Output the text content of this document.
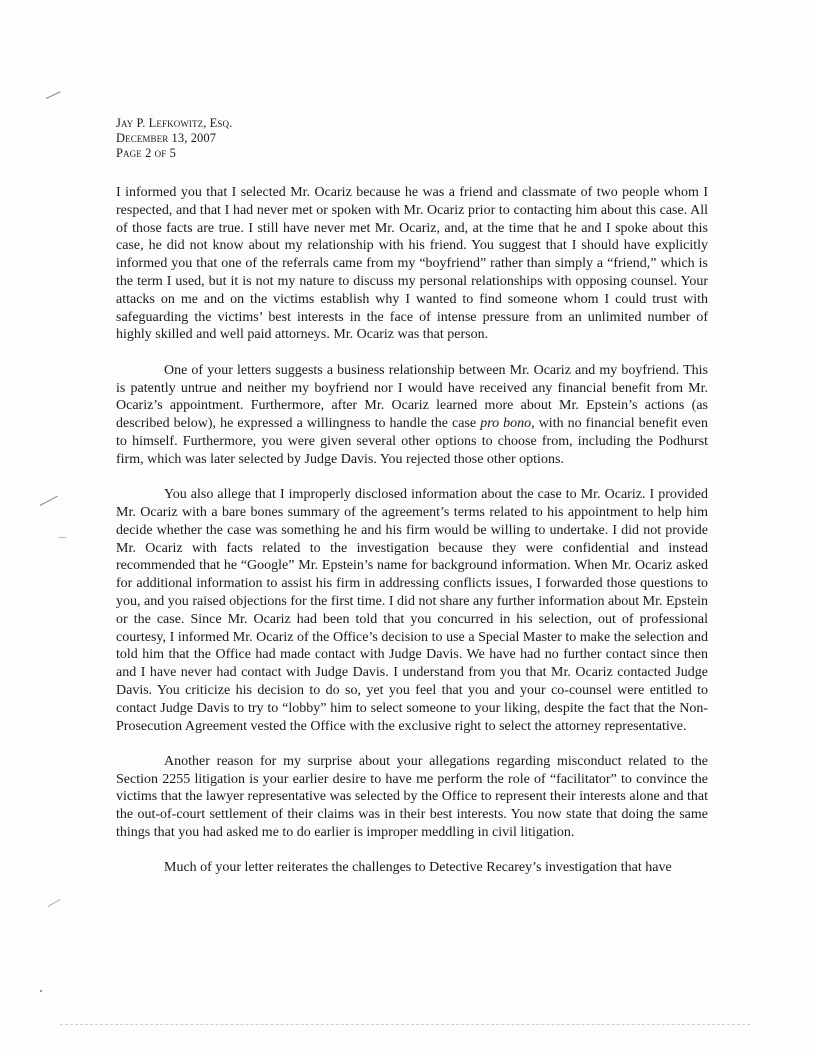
Jay P. Lefkowitz, Esq.
December 13, 2007
Page 2 of 5

I informed you that I selected Mr. Ocariz because he was a friend and classmate of two people whom I respected, and that I had never met or spoken with Mr. Ocariz prior to contacting him about this case. All of those facts are true. I still have never met Mr. Ocariz, and, at the time that he and I spoke about this case, he did not know about my relationship with his friend. You suggest that I should have explicitly informed you that one of the referrals came from my “boyfriend” rather than simply a “friend,” which is the term I used, but it is not my nature to discuss my personal relationships with opposing counsel. Your attacks on me and on the victims establish why I wanted to find someone whom I could trust with safeguarding the victims’ best interests in the face of intense pressure from an unlimited number of highly skilled and well paid attorneys. Mr. Ocariz was that person.

One of your letters suggests a business relationship between Mr. Ocariz and my boyfriend. This is patently untrue and neither my boyfriend nor I would have received any financial benefit from Mr. Ocariz’s appointment. Furthermore, after Mr. Ocariz learned more about Mr. Epstein’s actions (as described below), he expressed a willingness to handle the case pro bono, with no financial benefit even to himself. Furthermore, you were given several other options to choose from, including the Podhurst firm, which was later selected by Judge Davis. You rejected those other options.

You also allege that I improperly disclosed information about the case to Mr. Ocariz. I provided Mr. Ocariz with a bare bones summary of the agreement’s terms related to his appointment to help him decide whether the case was something he and his firm would be willing to undertake. I did not provide Mr. Ocariz with facts related to the investigation because they were confidential and instead recommended that he “Google” Mr. Epstein’s name for background information. When Mr. Ocariz asked for additional information to assist his firm in addressing conflicts issues, I forwarded those questions to you, and you raised objections for the first time. I did not share any further information about Mr. Epstein or the case. Since Mr. Ocariz had been told that you concurred in his selection, out of professional courtesy, I informed Mr. Ocariz of the Office’s decision to use a Special Master to make the selection and told him that the Office had made contact with Judge Davis. We have had no further contact since then and I have never had contact with Judge Davis. I understand from you that Mr. Ocariz contacted Judge Davis. You criticize his decision to do so, yet you feel that you and your co-counsel were entitled to contact Judge Davis to try to “lobby” him to select someone to your liking, despite the fact that the Non-Prosecution Agreement vested the Office with the exclusive right to select the attorney representative.

Another reason for my surprise about your allegations regarding misconduct related to the Section 2255 litigation is your earlier desire to have me perform the role of “facilitator” to convince the victims that the lawyer representative was selected by the Office to represent their interests alone and that the out-of-court settlement of their claims was in their best interests. You now state that doing the same things that you had asked me to do earlier is improper meddling in civil litigation.

Much of your letter reiterates the challenges to Detective Recarey’s investigation that have
